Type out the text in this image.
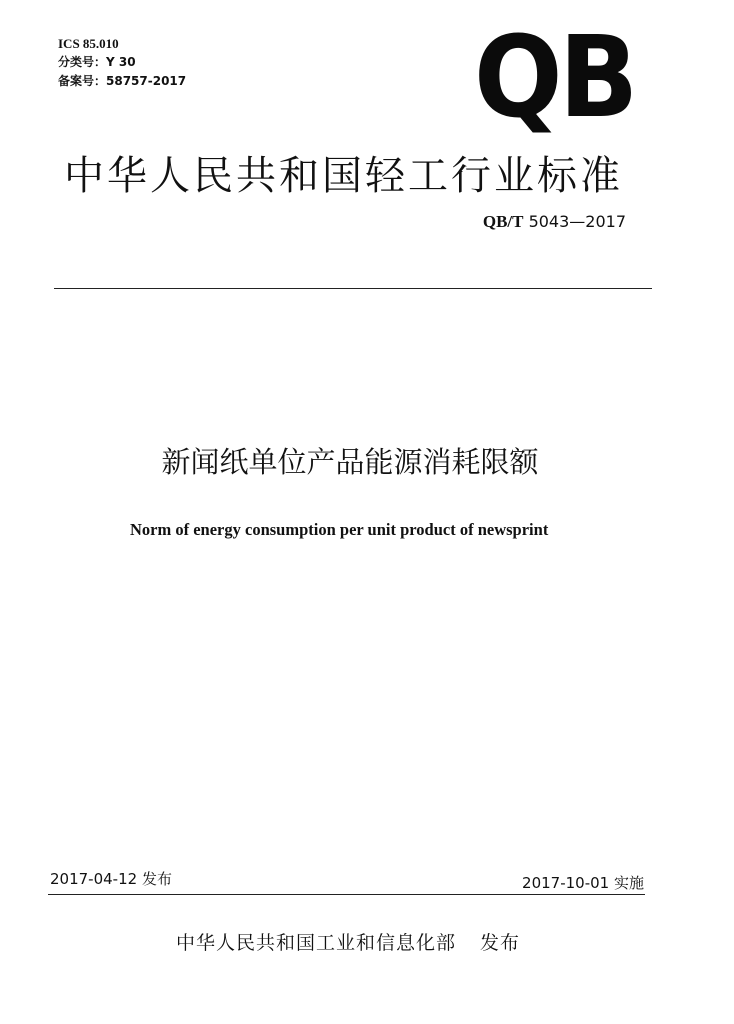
ICS 85.010
分类号：Y 30
备案号：58757-2017	QB
中华人民共和国轻工行业标准
QB/T 5043—2017
新闻纸单位产品能源消耗限额
Norm of energy consumption per unit product of newsprint
2017-04-12 发布	2017-10-01 实施
中华人民共和国工业和信息化部 发布
